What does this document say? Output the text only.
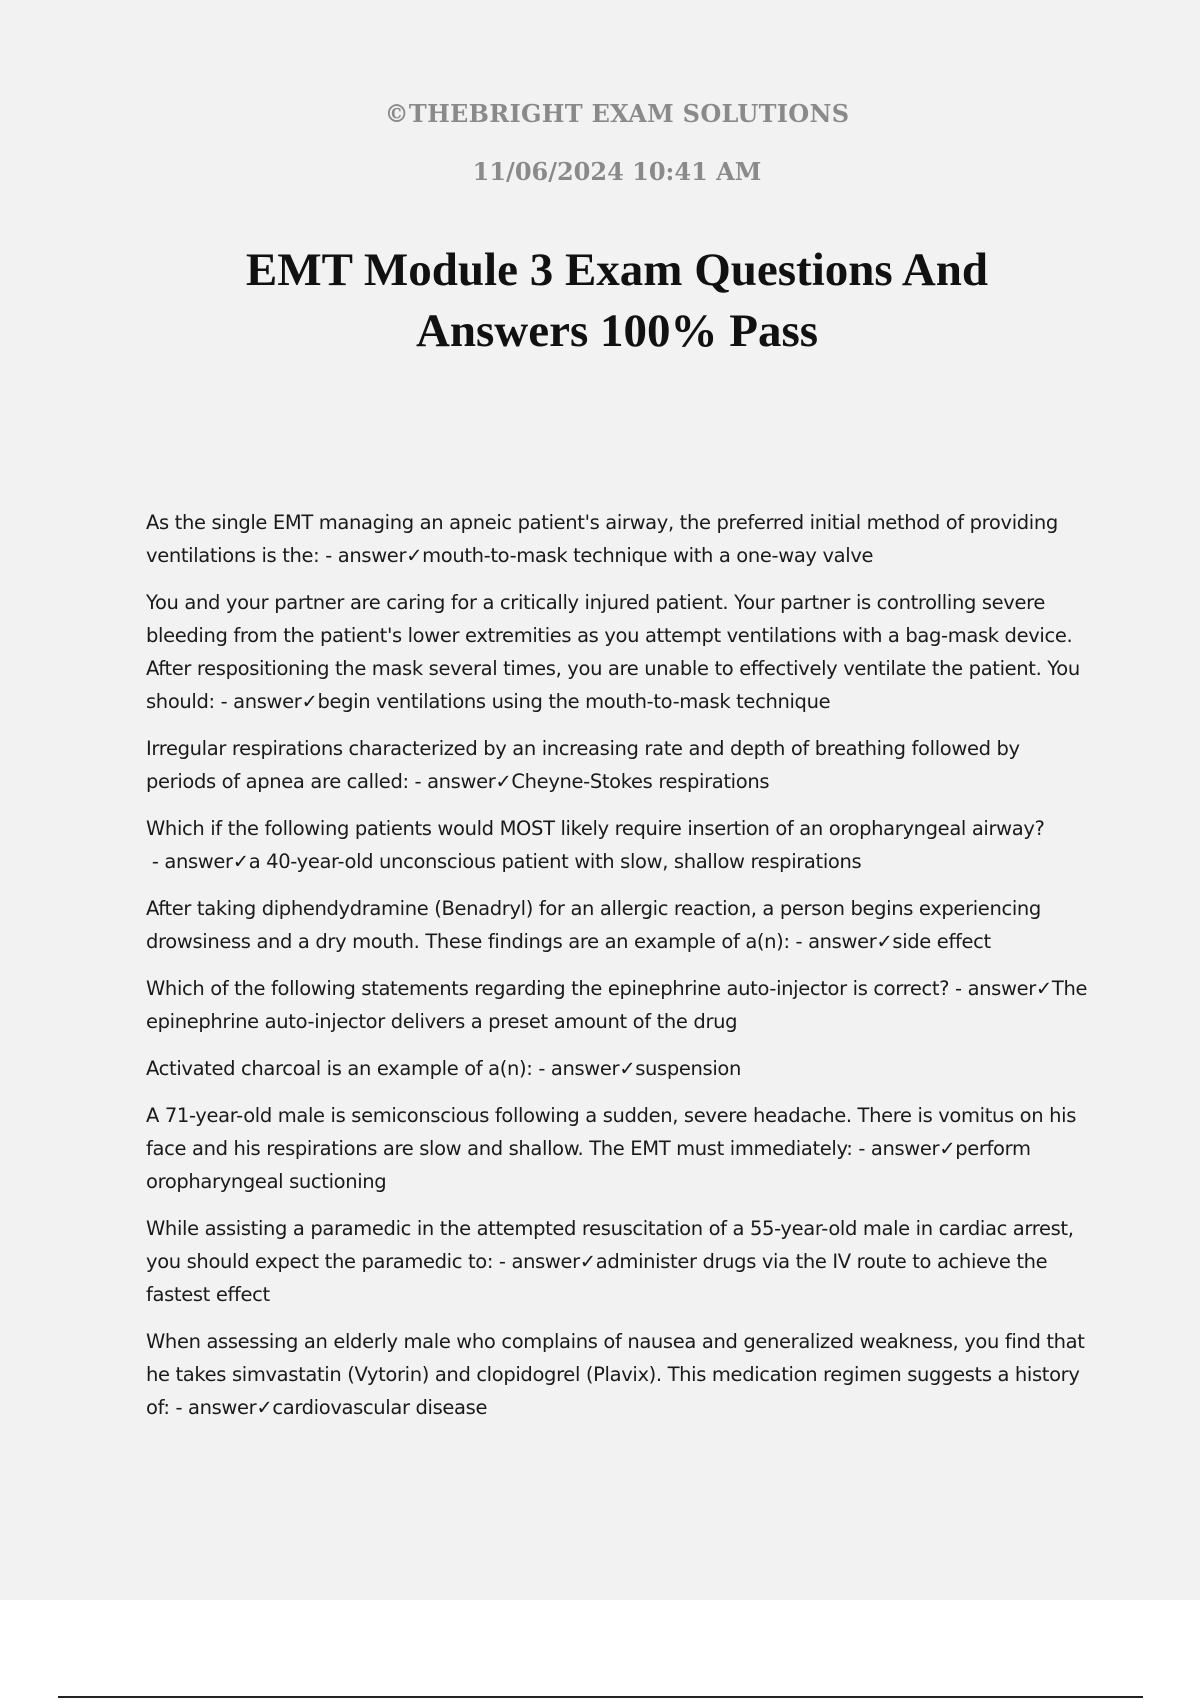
©THEBRIGHT EXAM SOLUTIONS
11/06/2024 10:41 AM
EMT Module 3 Exam Questions And
Answers 100% Pass

As the single EMT managing an apneic patient's airway, the preferred initial method of providing ventilations is the: - answer✓mouth-to-mask technique with a one-way valve

You and your partner are caring for a critically injured patient. Your partner is controlling severe bleeding from the patient's lower extremities as you attempt ventilations with a bag-mask device. After respositioning the mask several times, you are unable to effectively ventilate the patient. You should: - answer✓begin ventilations using the mouth-to-mask technique

Irregular respirations characterized by an increasing rate and depth of breathing followed by periods of apnea are called: - answer✓Cheyne-Stokes respirations

Which if the following patients would MOST likely require insertion of an oropharyngeal airway? - answer✓a 40-year-old unconscious patient with slow, shallow respirations

After taking diphendydramine (Benadryl) for an allergic reaction, a person begins experiencing drowsiness and a dry mouth. These findings are an example of a(n): - answer✓side effect

Which of the following statements regarding the epinephrine auto-injector is correct? - answer✓The epinephrine auto-injector delivers a preset amount of the drug

Activated charcoal is an example of a(n): - answer✓suspension

A 71-year-old male is semiconscious following a sudden, severe headache. There is vomitus on his face and his respirations are slow and shallow. The EMT must immediately: - answer✓perform oropharyngeal suctioning

While assisting a paramedic in the attempted resuscitation of a 55-year-old male in cardiac arrest, you should expect the paramedic to: - answer✓administer drugs via the IV route to achieve the fastest effect

When assessing an elderly male who complains of nausea and generalized weakness, you find that he takes simvastatin (Vytorin) and clopidogrel (Plavix). This medication regimen suggests a history of: - answer✓cardiovascular disease
